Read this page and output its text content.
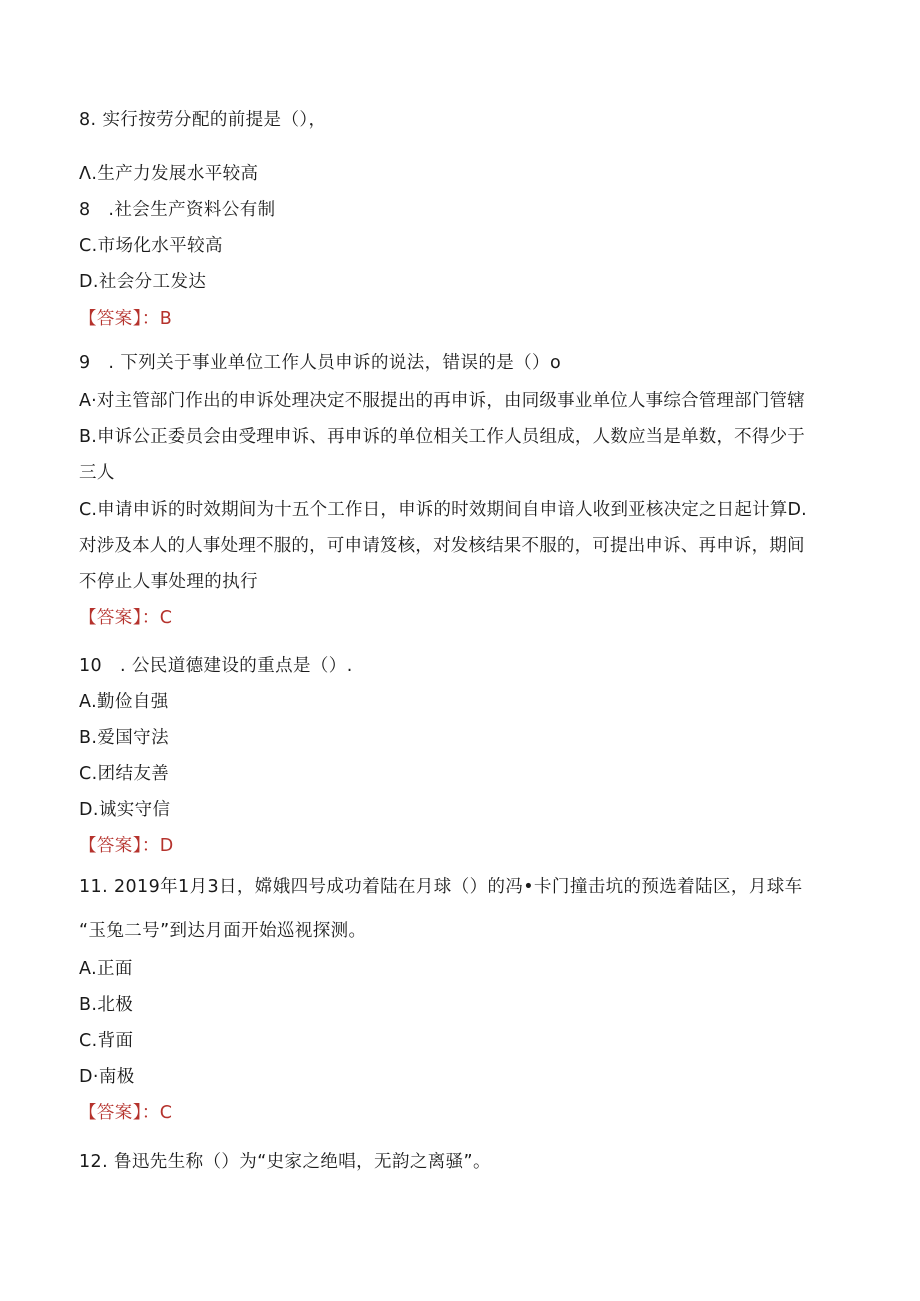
8. 实行按劳分配的前提是（），
Λ.生产力发展水平较高
8　.社会生产资料公有制
C.市场化水平较高
D.社会分工发达
【答案】：B
9　. 下列关于事业单位工作人员申诉的说法，错误的是（）o
A·对主管部门作出的申诉处理决定不服提出的再申诉，由同级事业单位人事综合管理部门管辖
B.申诉公正委员会由受理申诉、再申诉的单位相关工作人员组成，人数应当是单数，不得少于
三人
C.申请申诉的时效期间为十五个工作日，申诉的时效期间自申谙人收到亚核决定之日起计算D.
对涉及本人的人事处理不服的，可申请笈核，对发核结果不服的，可提出申诉、再申诉，期间
不停止人事处理的执行
【答案】：C
10　. 公民道德建设的重点是（）.
A.勤俭自强
B.爱国守法
C.团结友善
D.诚实守信
【答案】：D
11. 2019年1月3日，嫦娥四号成功着陆在月球（）的冯•卡门撞击坑的预选着陆区，月球车
“玉兔二号”到达月面开始巡视探测。
A.正面
B.北极
C.背面
D·南极
【答案】：C
12. 鲁迅先生称（）为“史家之绝唱，无韵之离骚”。
